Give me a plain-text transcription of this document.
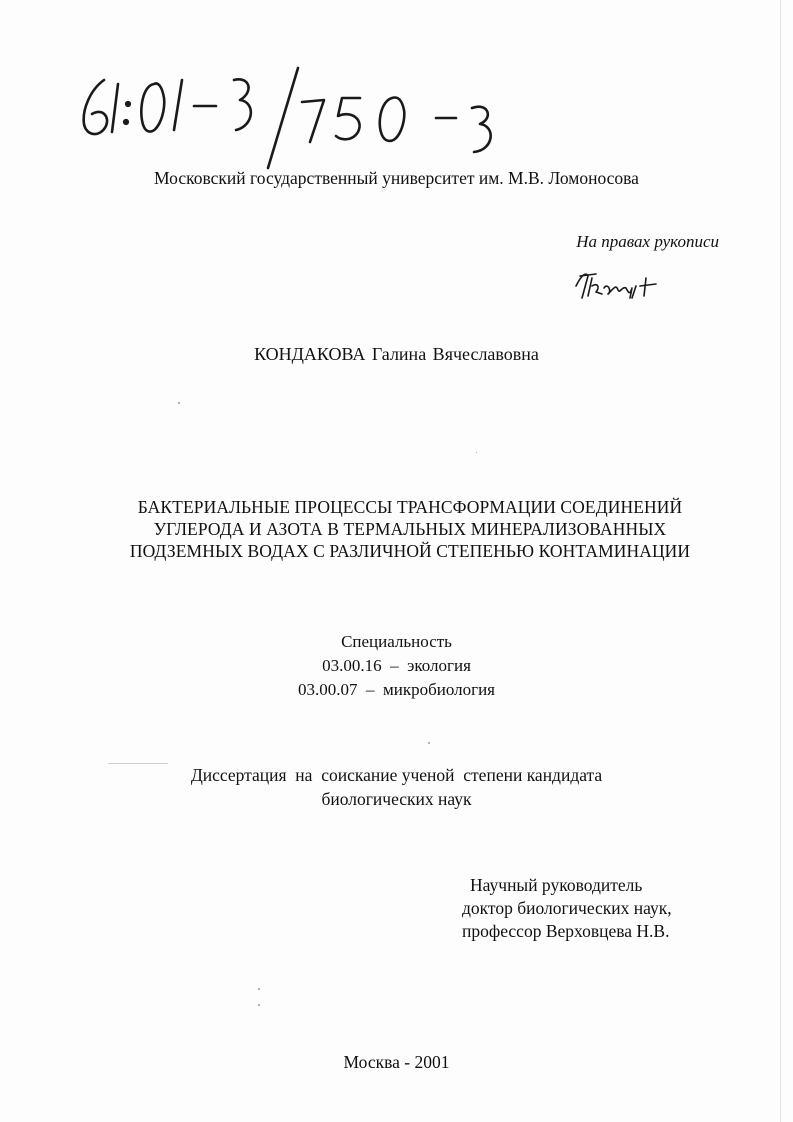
Московский государственный университет им. М.В. Ломоносова
На правах рукописи
КОНДАКОВА Галина Вячеславовна
БАКТЕРИАЛЬНЫЕ ПРОЦЕССЫ ТРАНСФОРМАЦИИ СОЕДИНЕНИЙ
УГЛЕРОДА И АЗОТА В ТЕРМАЛЬНЫХ МИНЕРАЛИЗОВАННЫХ
ПОДЗЕМНЫХ ВОДАХ С РАЗЛИЧНОЙ СТЕПЕНЬЮ КОНТАМИНАЦИИ
Специальность
03.00.16  –  экология
03.00.07  –  микробиология
Диссертация  на  соискание ученой  степени кандидата
биологических наук
Научный руководитель
доктор биологических наук,
профессор Верховцева Н.В.
Москва - 2001
